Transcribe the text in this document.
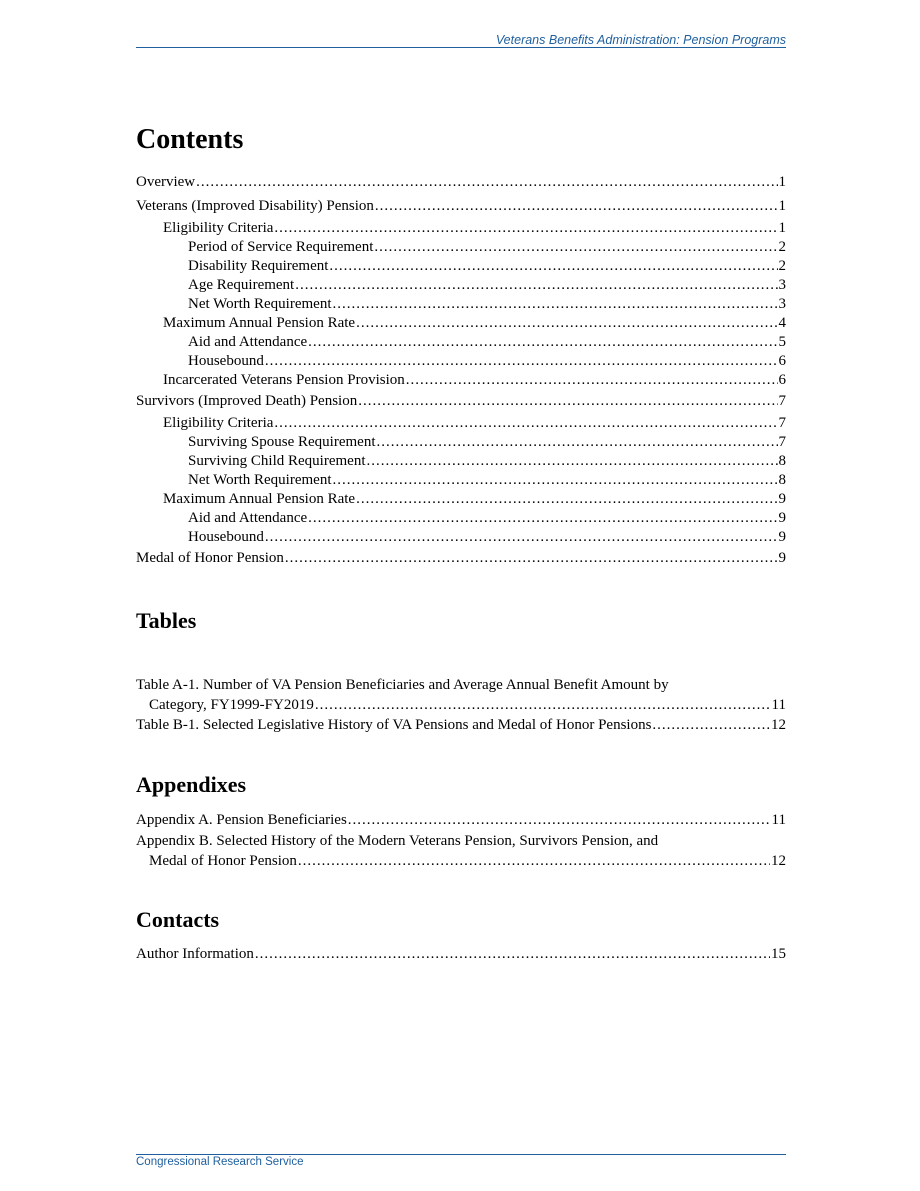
Veterans Benefits Administration: Pension Programs
Contents
Overview .....	1
Veterans (Improved Disability) Pension .....	1
Eligibility Criteria .....	1
Period of Service Requirement .....	2
Disability Requirement .....	2
Age Requirement .....	3
Net Worth Requirement .....	3
Maximum Annual Pension Rate .....	4
Aid and Attendance .....	5
Housebound .....	6
Incarcerated Veterans Pension Provision .....	6
Survivors (Improved Death) Pension .....	7
Eligibility Criteria .....	7
Surviving Spouse Requirement .....	7
Surviving Child Requirement .....	8
Net Worth Requirement .....	8
Maximum Annual Pension Rate .....	9
Aid and Attendance .....	9
Housebound .....	9
Medal of Honor Pension .....	9
Tables
Table A-1. Number of VA Pension Beneficiaries and Average Annual Benefit Amount by
Category, FY1999-FY2019 .....	11
Table B-1. Selected Legislative History of VA Pensions and Medal of Honor Pensions .....	12
Appendixes
Appendix A. Pension Beneficiaries .....	11
Appendix B. Selected History of the Modern Veterans Pension, Survivors Pension, and
Medal of Honor Pension .....	12
Contacts
Author Information .....	15
Congressional Research Service
